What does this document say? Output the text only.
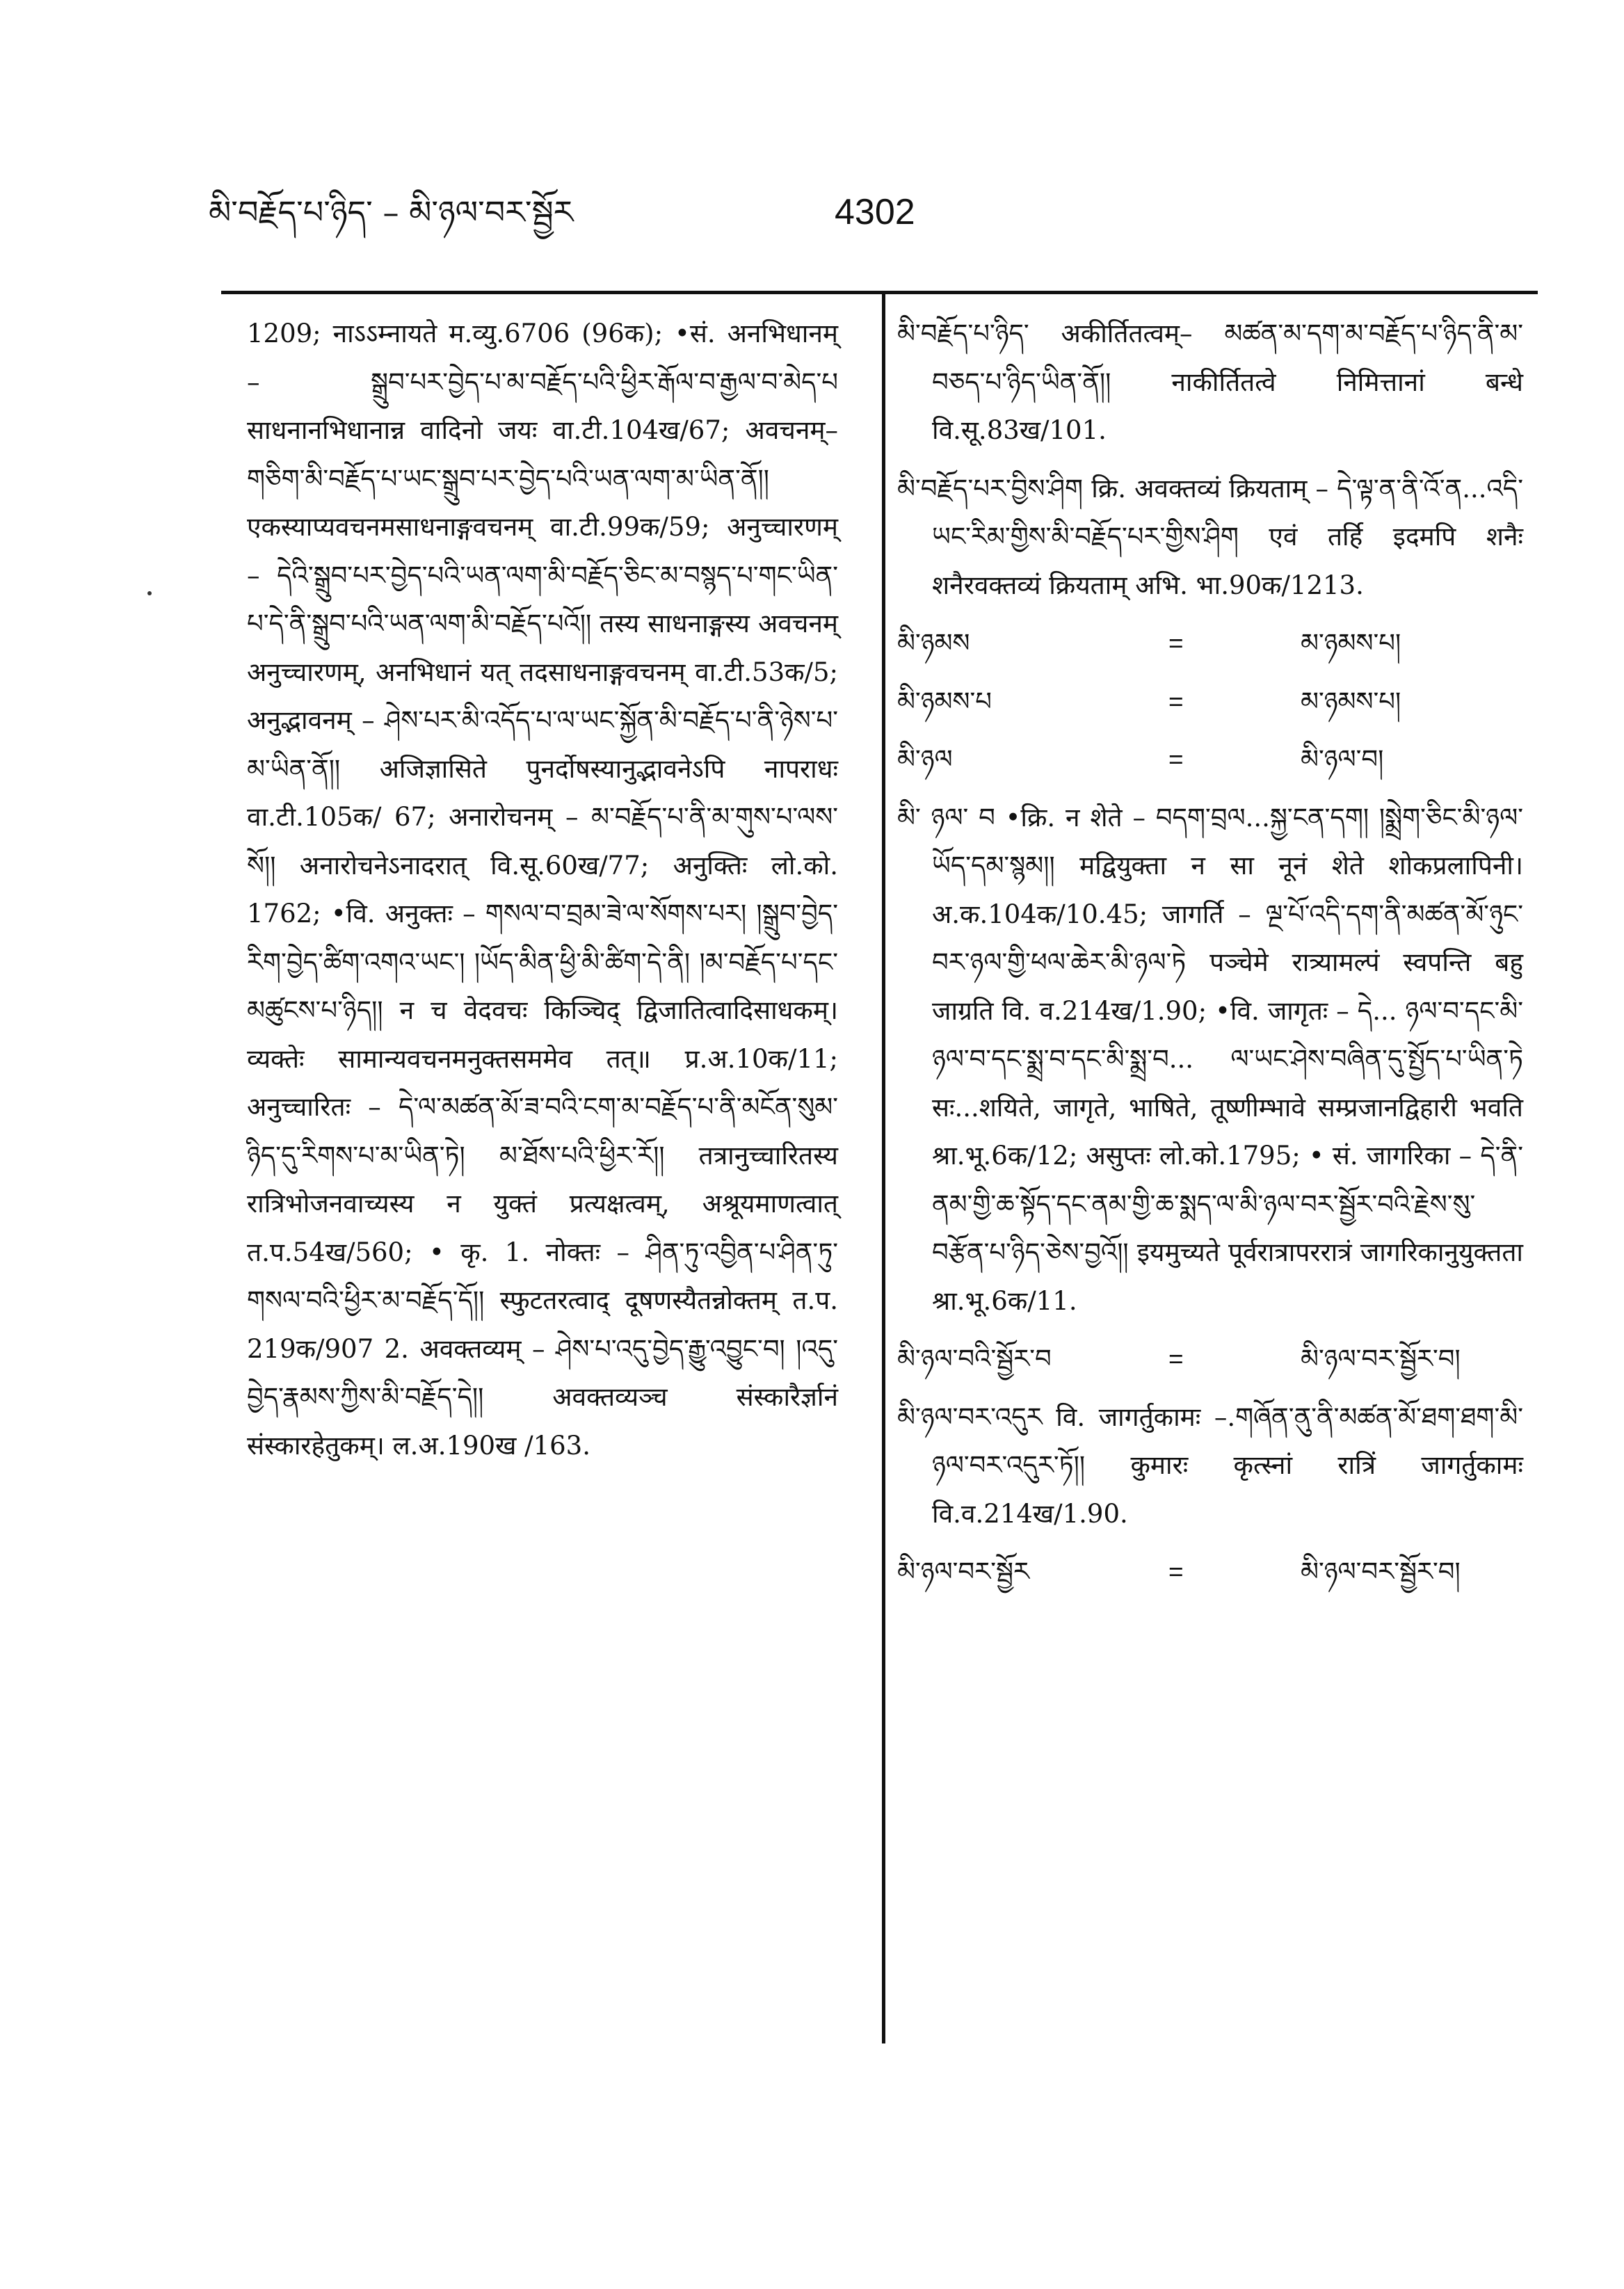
མི་བརྗོད་པ་ཉིད་ – མི་ཉལ་བར་སྦྱོར	4302

1209; नाऽऽम्नायते म.व्यु.6706 (96क); •सं. अनभिधानम् – སྒྲུབ་པར་བྱེད་པ་མ་བརྗོད་པའི་ཕྱིར་རྒོལ་བ་རྒྱལ་བ་མེད་པ साधनानभिधानान्न वादिनो जयः वा.टी.104ख/67; अवचनम्– གཅིག་མི་བརྗོད་པ་ཡང་སྒྲུབ་པར་བྱེད་པའི་ཡན་ལག་མ་ཡིན་ནོ།། एकस्याप्यवचनमसाधनाङ्गवचनम् वा.टी.99क/59; अनुच्चारणम् – དེའི་སྒྲུབ་པར་བྱེད་པའི་ཡན་ལག་མི་བརྗོད་ཅིང་མ་བསྙད་པ་གང་ཡིན་པ་དེ་ནི་སྒྲུབ་པའི་ཡན་ལག་མི་བརྗོད་པའོ།། तस्य साधनाङ्गस्य अवचनम् अनुच्चारणम्, अनभिधानं यत् तदसाधनाङ्गवचनम् वा.टी.53क/5; अनुद्भावनम् – ཤེས་པར་མི་འདོད་པ་ལ་ཡང་སྐྱོན་མི་བརྗོད་པ་ནི་ཉེས་པ་མ་ཡིན་ནོ།། अजिज्ञासिते पुनर्दोषस्यानुद्भावनेऽपि नापराधः वा.टी.105क/ 67; अनारोचनम् – མ་བརྗོད་པ་ནི་མ་གུས་པ་ལས་སོ།། अनारोचनेऽनादरात् वि.सू.60ख/77; अनुक्तिः लो.को. 1762; •वि. अनुक्तः – གསལ་བ་བྲམ་ཟེ་ལ་སོགས་པར། །སྒྲུབ་བྱེད་རིག་བྱེད་ཚིག་འགའ་ཡང་། །ཡོད་མིན་ཕྱི་མི་ཚིག་དེ་ནི། །མ་བརྗོད་པ་དང་མཚུངས་པ་ཉིད།། न च वेदवचः किञ्चिद् द्विजातित्वादिसाधकम्। व्यक्तेः सामान्यवचनमनुक्तसममेव तत्॥ प्र.अ.10क/11; अनुच्चारितः – དེ་ལ་མཚན་མོ་ཟ་བའི་ངག་མ་བརྗོད་པ་ནི་མངོན་སུམ་ཉིད་དུ་རིགས་པ་མ་ཡིན་ཏེ། མ་ཐོས་པའི་ཕྱིར་རོ།། तत्रानुच्चारितस्य रात्रिभोजनवाच्यस्य न युक्तं प्रत्यक्षत्वम्, अश्रूयमाणत्वात् त.प.54ख/560; • कृ. 1. नोक्तः – ཤིན་ཏུ་འབྱིན་པ་ཤིན་ཏུ་གསལ་བའི་ཕྱིར་མ་བརྗོད་དོ།། स्फुटतरत्वाद् दूषणस्यैतन्नोक्तम् त.प. 219क/907 2. अवक्तव्यम् – ཤེས་པ་འདུ་བྱེད་རྒྱུ་འབྱུང་བ། །འདུ་བྱེད་རྣམས་ཀྱིས་མི་བརྗོད་དེ།། अवक्तव्यञ्च संस्कारैर्ज्ञानं संस्कारहेतुकम्। ल.अ.190ख /163.

མི་བརྗོད་པ་ཉིད་ अकीर्तितत्वम्– མཚན་མ་དག་མ་བརྗོད་པ་ཉིད་ནི་མ་བཅད་པ་ཉིད་ཡིན་ནོ།། नाकीर्तितत्वे निमित्तानां बन्धे वि.सू.83ख/101.

མི་བརྗོད་པར་བྱིས་ཤིག क्रि. अवक्तव्यं क्रियताम् – དེ་ལྟ་ན་ནི་འོ་ན...འདི་ཡང་རིམ་གྱིས་མི་བརྗོད་པར་གྱིས་ཤིག एवं तर्हि इदमपि शनैः शनैरवक्तव्यं क्रियताम् अभि. भा.90क/1213.

མི་ཉམས	=	མ་ཉམས་པ།
མི་ཉམས་པ	=	མ་ཉམས་པ།
མི་ཉལ	=	མི་ཉལ་བ།

མི་ ཉལ་ བ •क्रि. न शेते – བདག་བྲལ...སྐྱ་ངན་དག། །སྨྲེག་ཅིང་མི་ཉལ་ཡོད་དམ་སྙམ།། मद्वियुक्ता न सा नूनं शेते शोकप्रलापिनी। अ.क.104क/10.45; जागर्ति – ལྔ་པོ་འདི་དག་ནི་མཚན་མོ་ཉུང་བར་ཉལ་གྱི་ཕལ་ཆེར་མི་ཉལ་ཏེ पञ्चेमे रात्र्यामल्पं स्वपन्ति बहु जाग्रति वि. व.214ख/1.90; •वि. जागृतः – དེ... ཉལ་བ་དང་མི་ཉལ་བ་དང་སྨྲ་བ་དང་མི་སྨྲ་བ... ལ་ཡང་ཤེས་བཞིན་དུ་སྤྱོད་པ་ཡིན་ཏེ सः...शयिते, जागृते, भाषिते, तूष्णीम्भावे सम्प्रजानद्विहारी भवति श्रा.भू.6क/12; असुप्तः लो.को.1795; • सं. जागरिका – དེ་ནི་ནམ་གྱི་ཆ་སྟོད་དང་ནམ་གྱི་ཆ་སྨད་ལ་མི་ཉལ་བར་སྦྱོར་བའི་རྗེས་སུ་བརྩོན་པ་ཉིད་ཅེས་བྱའོ།། इयमुच्यते पूर्वरात्रापररात्रं जागरिकानुयुक्तता श्रा.भू.6क/11.

མི་ཉལ་བའི་སྦྱོར་བ	=	མི་ཉལ་བར་སྦྱོར་བ།

མི་ཉལ་བར་འདུར वि. जागर्तुकामः –.གཞོན་ནུ་ནི་མཚན་མོ་ཐག་ཐག་མི་ཉལ་བར་འདུར་ཏོ།། कुमारः कृत्स्नां रात्रिं जागर्तुकामः वि.व.214ख/1.90.

མི་ཉལ་བར་སྦྱོར	=	མི་ཉལ་བར་སྦྱོར་བ།
